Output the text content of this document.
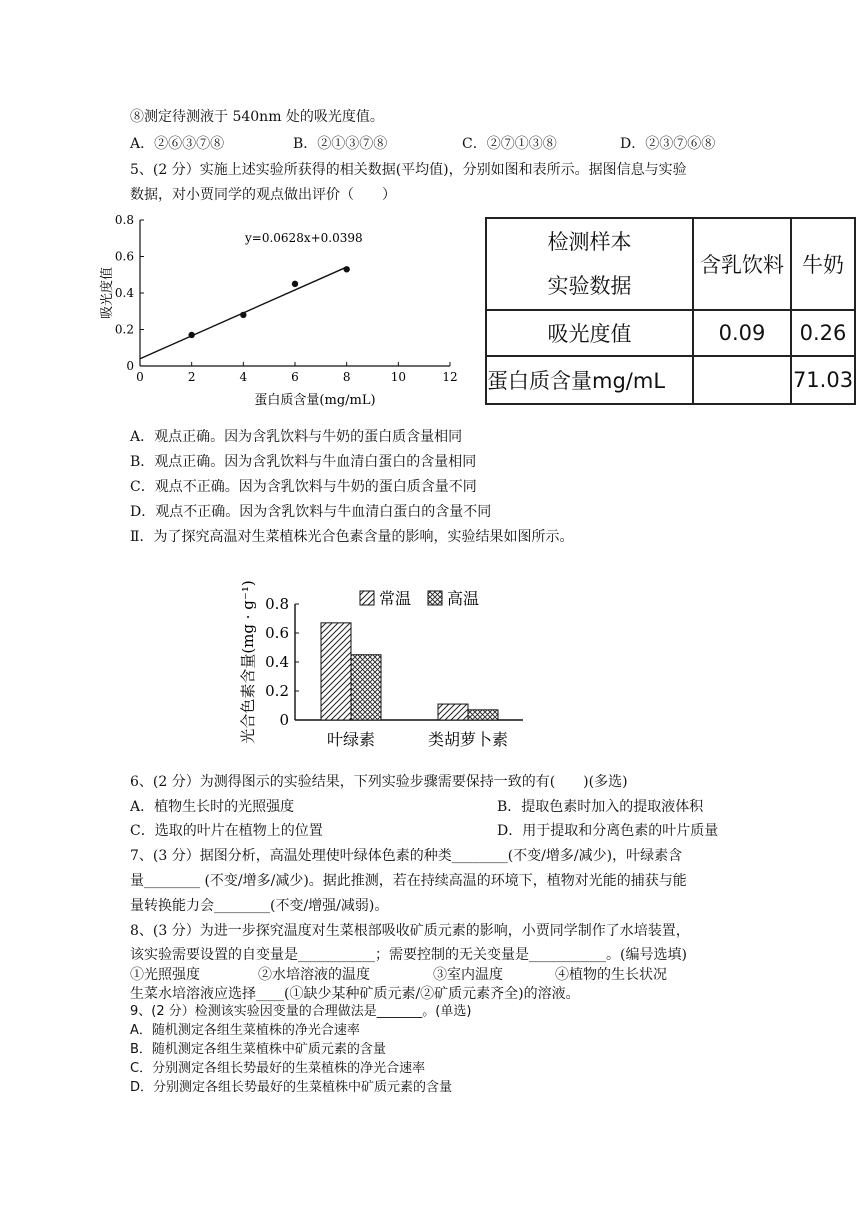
⑧测定待测液于 540nm 处的吸光度值。
A．②⑥③⑦⑧	B．②①③⑦⑧	C．②⑦①③⑧	D．②③⑦⑥⑧
5、(2 分）实施上述实验所获得的相关数据(平均值)，分别如图和表所示。据图信息与实验
数据，对小贾同学的观点做出评价（　　）
0	2	4	6	8	10	12
0
0.2
0.4
0.6
0.8
y=0.0628x+0.0398
蛋白质含量(mg/mL)
吸光度值
检测样本
实验数据	含乳饮料	牛奶
吸光度值	0.09	0.26
蛋白质含量mg/mL		71.03
A．观点正确。因为含乳饮料与牛奶的蛋白质含量相同
B．观点正确。因为含乳饮料与牛血清白蛋白的含量相同
C．观点不正确。因为含乳饮料与牛奶的蛋白质含量不同
D．观点不正确。因为含乳饮料与牛血清白蛋白的含量不同
Ⅱ．为了探究高温对生菜植株光合色素含量的影响，实验结果如图所示。
0
0.2
0.4
0.6
0.8
叶绿素	类胡萝卜素
常温 高温
光合色素含量(mg · g⁻¹)
6、(2 分）为测得图示的实验结果，下列实验步骤需要保持一致的有(　　)(多选)
A．植物生长时的光照强度	B．提取色素时加入的提取液体积
C．选取的叶片在植物上的位置	D．用于提取和分离色素的叶片质量
7、(3 分）据图分析，高温处理使叶绿体色素的种类________(不变/增多/减少)，叶绿素含
量________ (不变/增多/减少)。据此推测，若在持续高温的环境下，植物对光能的捕获与能
量转换能力会________(不变/增强/减弱)。
8、(3 分）为进一步探究温度对生菜根部吸收矿质元素的影响，小贾同学制作了水培装置，
该实验需要设置的自变量是___________；需要控制的无关变量是___________。(编号选填)
①光照强度	②水培溶液的温度	③室内温度	④植物的生长状况
生菜水培溶液应选择____(①缺少某种矿质元素/②矿质元素齐全)的溶液。
9、(2 分）检测该实验因变量的合理做法是_______。(单选)
A．随机测定各组生菜植株的净光合速率
B．随机测定各组生菜植株中矿质元素的含量
C．分别测定各组长势最好的生菜植株的净光合速率
D．分别测定各组长势最好的生菜植株中矿质元素的含量
